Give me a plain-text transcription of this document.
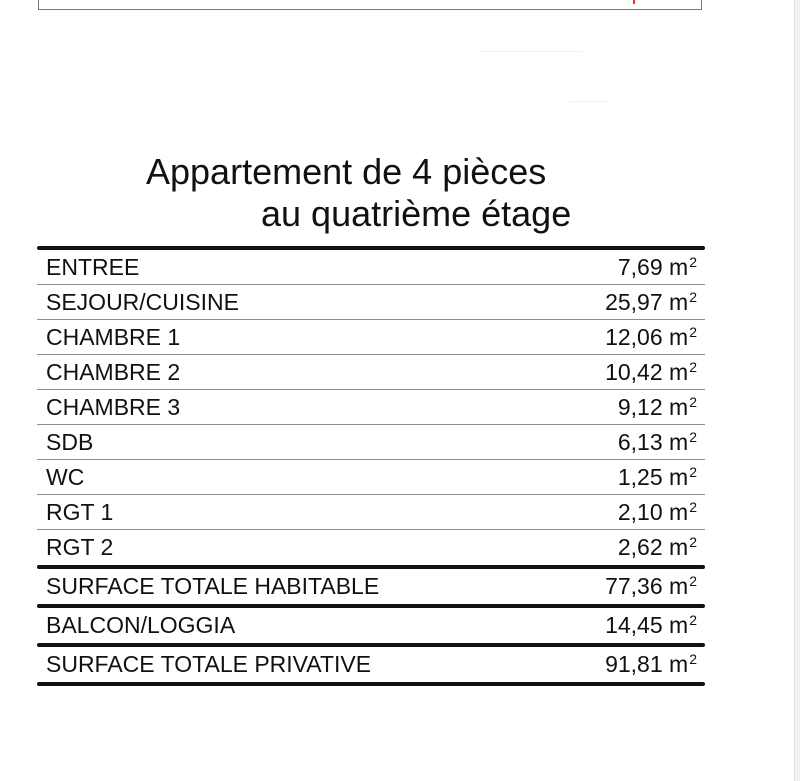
Appartement de 4 pièces
au quatrième étage
ENTREE	7,69 $m^2$
SEJOUR/CUISINE	25,97 $m^2$
CHAMBRE 1	12,06 $m^2$
CHAMBRE 2	10,42 $m^2$
CHAMBRE 3	9,12 $m^2$
SDB	6,13 $m^2$
WC	1,25 $m^2$
RGT 1	2,10 $m^2$
RGT 2	2,62 $m^2$
SURFACE TOTALE HABITABLE	77,36 $m^2$
BALCON/LOGGIA	14,45 $m^2$
SURFACE TOTALE PRIVATIVE	91,81 $m^2$
